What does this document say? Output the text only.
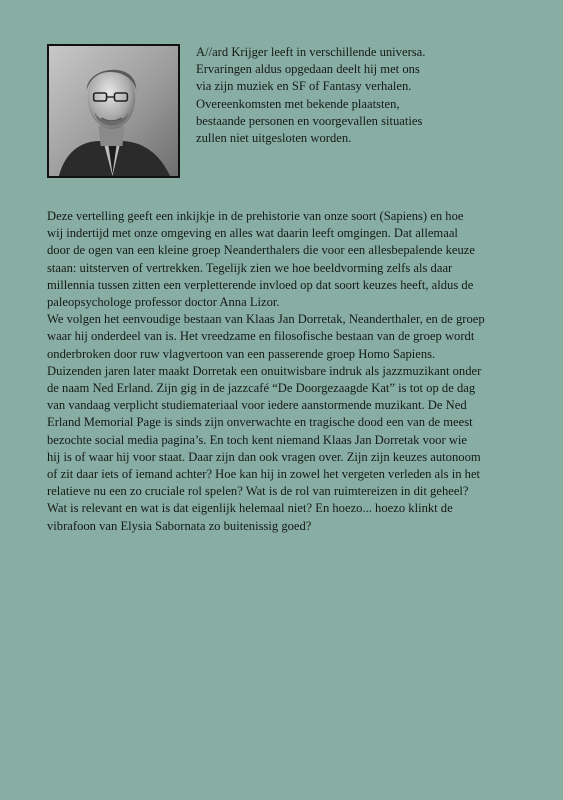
A//ard Krijger leeft in verschillende universa.

Ervaringen aldus opgedaan deelt hij met ons

via zijn muziek en SF of Fantasy verhalen.

Overeenkomsten met bekende plaatsten,

bestaande personen en voorgevallen situaties

zullen niet uitgesloten worden.

Deze vertelling geeft een inkijkje in de prehistorie van onze soort (Sapiens) en hoe

wij indertijd met onze omgeving en alles wat daarin leeft omgingen. Dat allemaal

door de ogen van een kleine groep Neanderthalers die voor een allesbepalende keuze

staan: uitsterven of vertrekken. Tegelijk zien we hoe beeldvorming zelfs als daar

millennia tussen zitten een verpletterende invloed op dat soort keuzes heeft, aldus de

paleopsychologe professor doctor Anna Lizor.

We volgen het eenvoudige bestaan van Klaas Jan Dorretak, Neanderthaler, en de groep

waar hij onderdeel van is. Het vreedzame en filosofische bestaan van de groep wordt

onderbroken door ruw vlagvertoon van een passerende groep Homo Sapiens.

Duizenden jaren later maakt Dorretak een onuitwisbare indruk als jazzmuzikant onder

de naam Ned Erland. Zijn gig in de jazzcafé “De Doorgezaagde Kat” is tot op de dag

van vandaag verplicht studiemateriaal voor iedere aanstormende muzikant. De Ned

Erland Memorial Page is sinds zijn onverwachte en tragische dood een van de meest

bezochte social media pagina’s. En toch kent niemand Klaas Jan Dorretak voor wie

hij is of waar hij voor staat. Daar zijn dan ook vragen over. Zijn zijn keuzes autonoom

of zit daar iets of iemand achter? Hoe kan hij in zowel het vergeten verleden als in het

relatieve nu een zo cruciale rol spelen? Wat is de rol van ruimtereizen in dit geheel?

Wat is relevant en wat is dat eigenlijk helemaal niet? En hoezo... hoezo klinkt de

vibrafoon van Elysia Sabornata zo buitenissig goed?
